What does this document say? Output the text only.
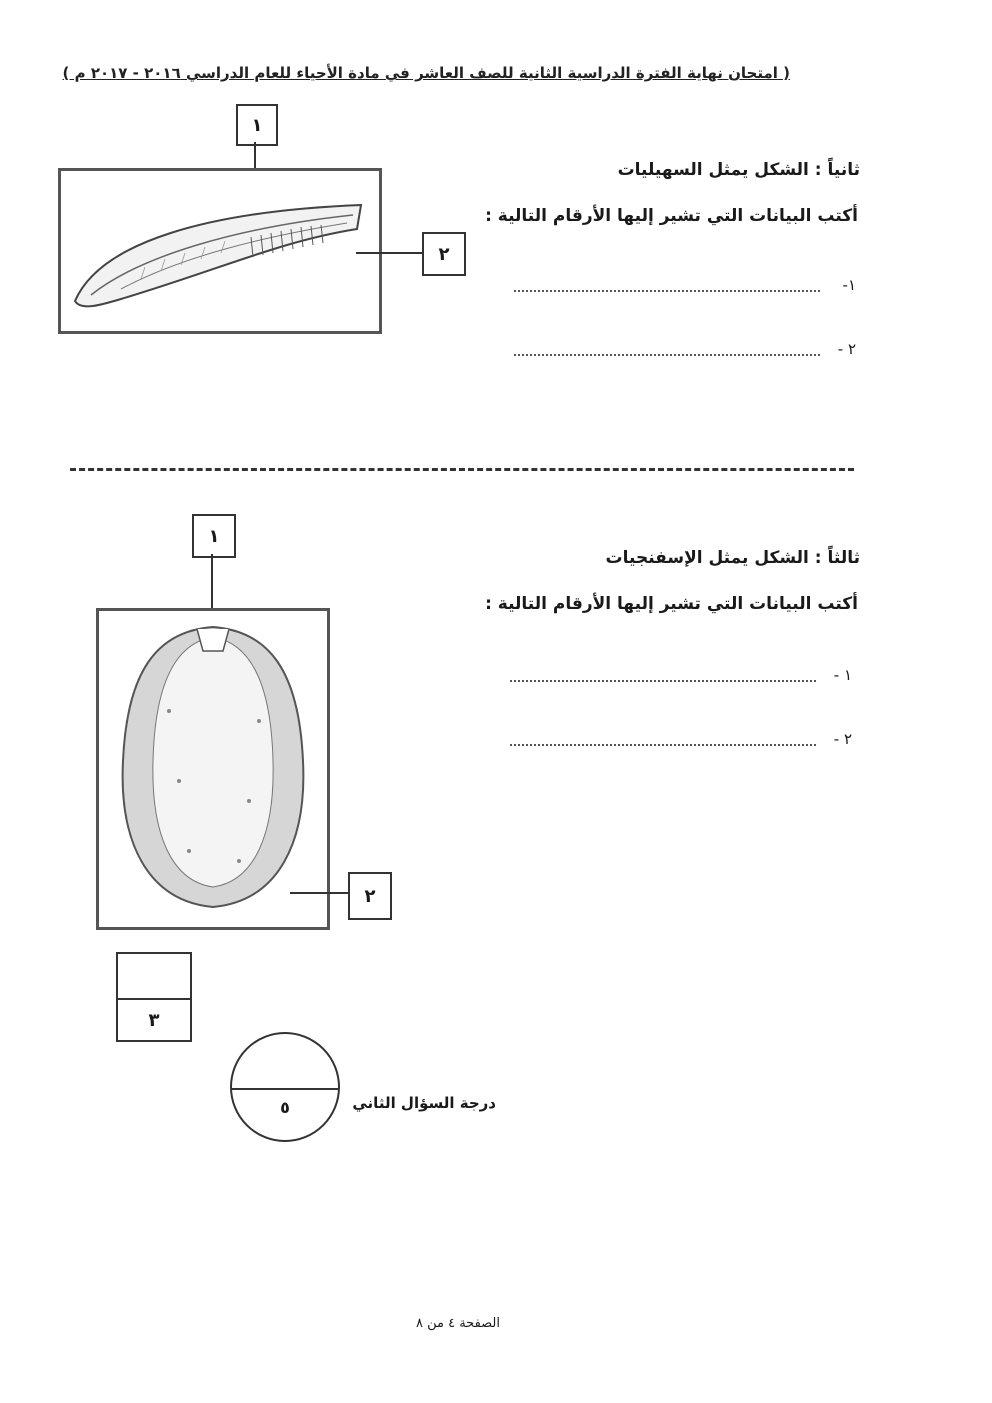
( امتحان نهاية الفترة الدراسية الثانية للصف العاشر في مادة الأحياء للعام الدراسي ٢٠١٦ - ٢٠١٧ م )
١
٢
ثانياً : الشكل يمثل السهيليات
أكتب البيانات التي تشير إليها الأرقام التالية :
١-
٢ -
١
٢
ثالثاً : الشكل يمثل الإسفنجيات
أكتب البيانات التي تشير إليها الأرقام التالية :
١ -
٢ -
٣
٥	درجة السؤال الثاني
الصفحة ٤ من ٨
